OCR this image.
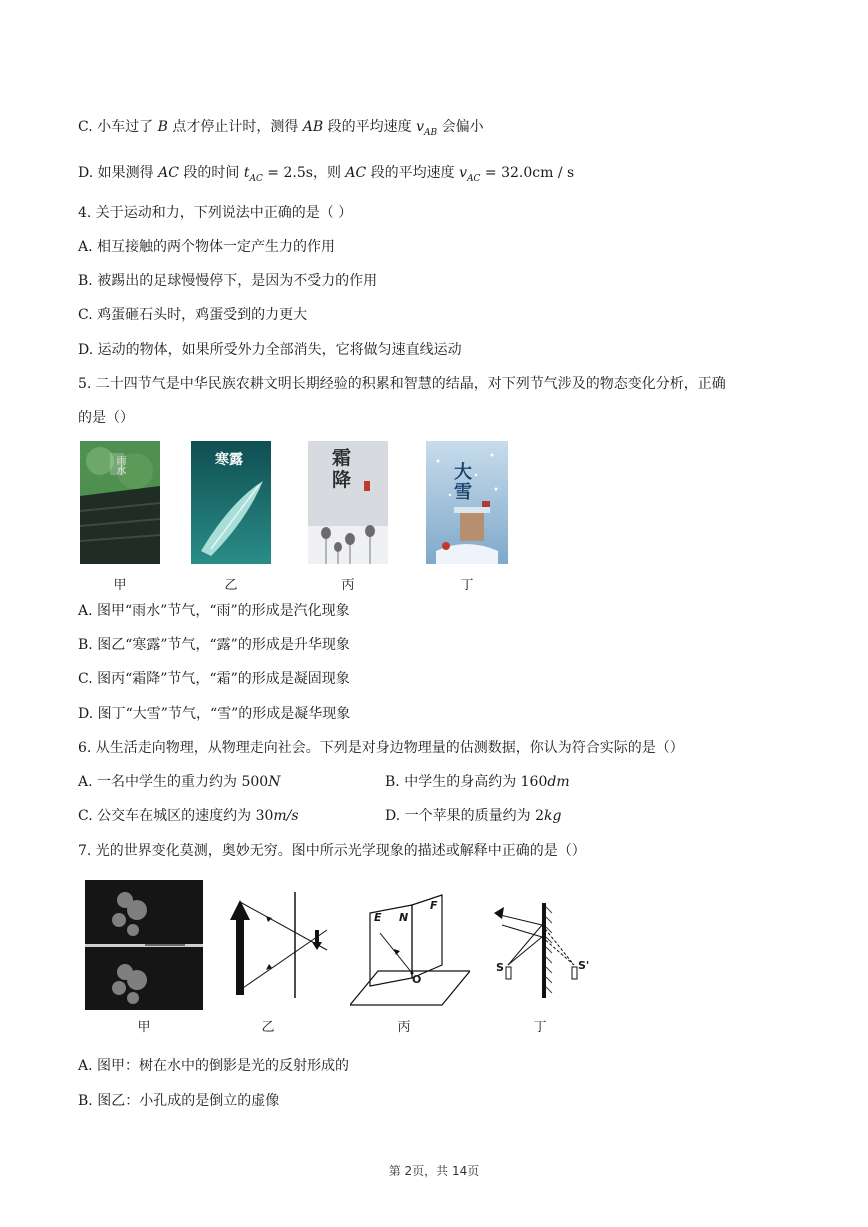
C. 小车过了 B 点才停止计时，测得 AB 段的平均速度 $v_{AB}$ 会偏小
D. 如果测得 AC 段的时间 $t_{AC} = 2.5s$，则 AC 段的平均速度 $v_{AC} = 32.0cm / s$
4. 关于运动和力，下列说法中正确的是（ ）
A. 相互接触的两个物体一定产生力的作用
B. 被踢出的足球慢慢停下，是因为不受力的作用
C. 鸡蛋砸石头时，鸡蛋受到的力更大
D. 运动的物体，如果所受外力全部消失，它将做匀速直线运动
5. 二十四节气是中华民族农耕文明长期经验的积累和智慧的结晶，对下列节气涉及的物态变化分析，正确
的是（）
雨水	寒露	霜降	大雪
甲	乙	丙	丁
A. 图甲“雨水”节气，“雨”的形成是汽化现象
B. 图乙“寒露”节气，“露”的形成是升华现象
C. 图丙“霜降”节气，“霜”的形成是凝固现象
D. 图丁“大雪”节气，“雪”的形成是凝华现象
6. 从生活走向物理，从物理走向社会。下列是对身边物理量的估测数据，你认为符合实际的是（）
A. 一名中学生的重力约为 500N	B. 中学生的身高约为 160dm
C. 公交车在城区的速度约为 30m/s	D. 一个苹果的质量约为 2kg
7. 光的世界变化莫测，奥妙无穷。图中所示光学现象的描述或解释中正确的是（）
E N
F
O
S	S'
甲	乙	丙	丁
A. 图甲：树在水中的倒影是光的反射形成的
B. 图乙：小孔成的是倒立的虚像
第 2页，共 14页
